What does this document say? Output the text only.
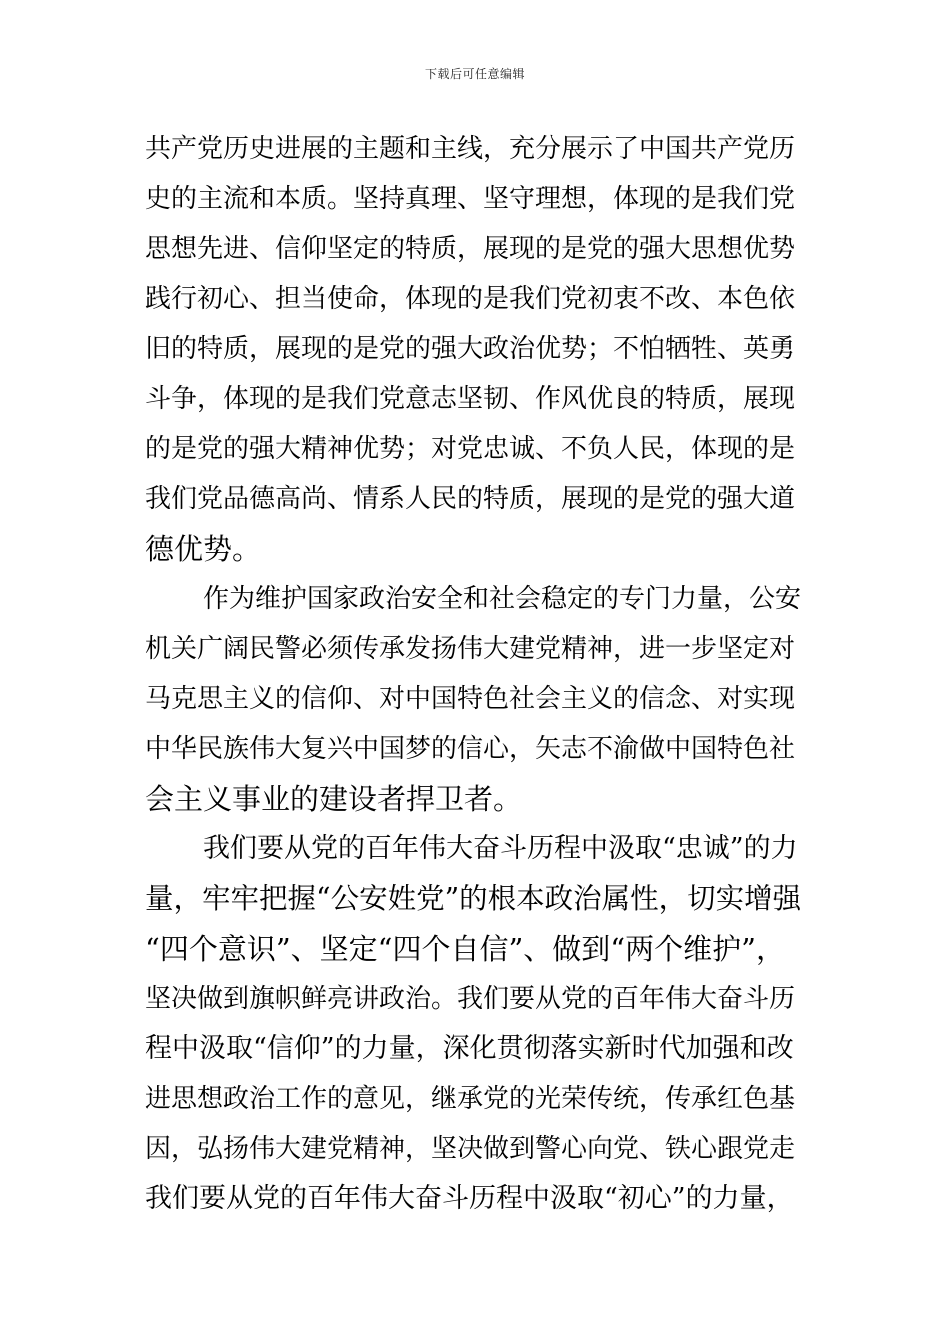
下载后可任意编辑
共产党历史进展的主题和主线，充分展示了中国共产党历
史的主流和本质。坚持真理、坚守理想，体现的是我们党
思想先进、信仰坚定的特质，展现的是党的强大思想优势
践行初心、担当使命，体现的是我们党初衷不改、本色依
旧的特质，展现的是党的强大政治优势；不怕牺牲、英勇
斗争，体现的是我们党意志坚韧、作风优良的特质，展现
的是党的强大精神优势；对党忠诚、不负人民，体现的是
我们党品德高尚、情系人民的特质，展现的是党的强大道
德优势。
作为维护国家政治安全和社会稳定的专门力量，公安
机关广阔民警必须传承发扬伟大建党精神，进一步坚定对
马克思主义的信仰、对中国特色社会主义的信念、对实现
中华民族伟大复兴中国梦的信心，矢志不渝做中国特色社
会主义事业的建设者捍卫者。
我们要从党的百年伟大奋斗历程中汲取“忠诚”的力
量，牢牢把握“公安姓党”的根本政治属性，切实增强
“四个意识”、坚定“四个自信”、做到“两个维护”，
坚决做到旗帜鲜亮讲政治。我们要从党的百年伟大奋斗历
程中汲取“信仰”的力量，深化贯彻落实新时代加强和改
进思想政治工作的意见，继承党的光荣传统，传承红色基
因，弘扬伟大建党精神，坚决做到警心向党、铁心跟党走
我们要从党的百年伟大奋斗历程中汲取“初心”的力量，
